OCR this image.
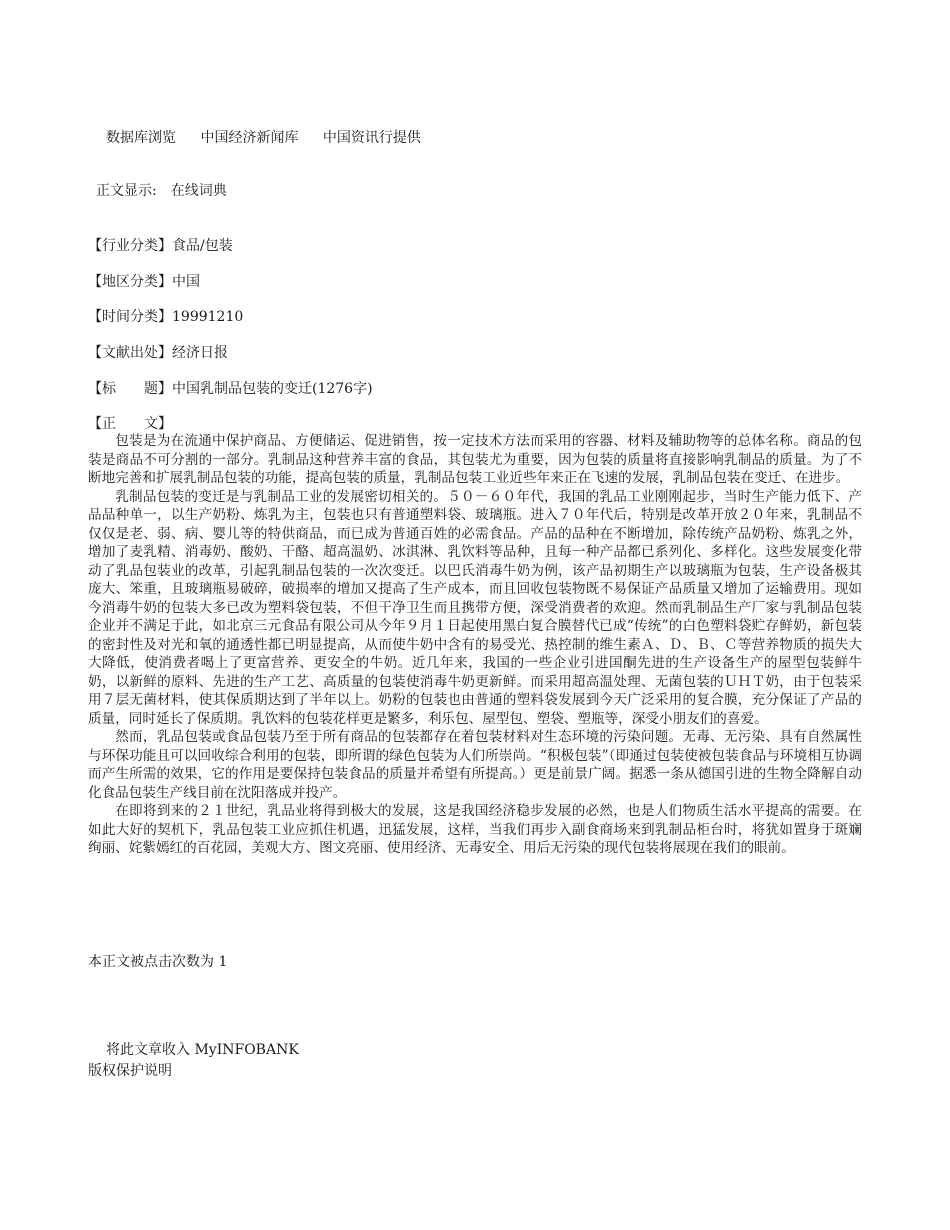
数据库浏览 中国经济新闻库 中国资讯行提供
正文显示: 在线词典
【行业分类】食品/包装
【地区分类】中国
【时间分类】19991210
【文献出处】经济日报
【标 题】中国乳制品包装的变迁(1276字)
【正 文】

包装是为在流通中保护商品、方便储运、促进销售，按一定技术方法而采用的容器、材料及辅助物等的总体名称。商品的包装是商品不可分割的一部分。乳制品这种营养丰富的食品，其包装尤为重要，因为包装的质量将直接影响乳制品的质量。为了不断地完善和扩展乳制品包装的功能，提高包装的质量，乳制品包装工业近些年来正在飞速的发展，乳制品包装在变迁、在进步。

乳制品包装的变迁是与乳制品工业的发展密切相关的。５０－６０年代，我国的乳品工业刚刚起步，当时生产能力低下、产品品种单一，以生产奶粉、炼乳为主，包装也只有普通塑料袋、玻璃瓶。进入７０年代后，特别是改革开放２０年来，乳制品不仅仅是老、弱、病、婴儿等的特供商品，而已成为普通百姓的必需食品。产品的品种在不断增加，除传统产品奶粉、炼乳之外，增加了麦乳精、消毒奶、酸奶、干酪、超高温奶、冰淇淋、乳饮料等品种，且每一种产品都已系列化、多样化。这些发展变化带动了乳品包装业的改革，引起乳制品包装的一次次变迁。以巴氏消毒牛奶为例，该产品初期生产以玻璃瓶为包装，生产设备极其庞大、笨重，且玻璃瓶易破碎，破损率的增加又提高了生产成本，而且回收包装物既不易保证产品质量又增加了运输费用。现如今消毒牛奶的包装大多已改为塑料袋包装，不但干净卫生而且携带方便，深受消费者的欢迎。然而乳制品生产厂家与乳制品包装企业并不满足于此，如北京三元食品有限公司从今年９月１日起使用黑白复合膜替代已成“传统”的白色塑料袋贮存鲜奶，新包装的密封性及对光和氧的通透性都已明显提高，从而使牛奶中含有的易受光、热控制的维生素Ａ、Ｄ、Ｂ、Ｃ等营养物质的损失大大降低，使消费者喝上了更富营养、更安全的牛奶。近几年来，我国的一些企业引进国酮先进的生产设备生产的屋型包装鲜牛奶，以新鲜的原料、先进的生产工艺、高质量的包装使消毒牛奶更新鲜。而采用超高温处理、无菌包装的ＵＨＴ奶，由于包装采用７层无菌材料，使其保质期达到了半年以上。奶粉的包装也由普通的塑料袋发展到今天广泛采用的复合膜，充分保证了产品的质量，同时延长了保质期。乳饮料的包装花样更是繁多，利乐包、屋型包、塑袋、塑瓶等，深受小朋友们的喜爱。

然而，乳品包装或食品包装乃至于所有商品的包装都存在着包装材料对生态环境的污染问题。无毒、无污染、具有自然属性与环保功能且可以回收综合利用的包装，即所谓的绿色包装为人们所崇尚。“积极包装”（即通过包装使被包装食品与环境相互协调而产生所需的效果，它的作用是要保持包装食品的质量并希望有所提高。）更是前景广阔。据悉一条从德国引进的生物全降解自动化食品包装生产线目前在沈阳落成并投产。

在即将到来的２１世纪，乳品业将得到极大的发展，这是我国经济稳步发展的必然，也是人们物质生活水平提高的需要。在如此大好的契机下，乳品包装工业应抓住机遇，迅猛发展，这样，当我们再步入副食商场来到乳制品柜台时，将犹如置身于斑斓绚丽、姹紫嫣红的百花园，美观大方、图文亮丽、使用经济、无毒安全、用后无污染的现代包装将展现在我们的眼前。

本正文被点击次数为 1
将此文章收入 MyINFOBANK
版权保护说明
